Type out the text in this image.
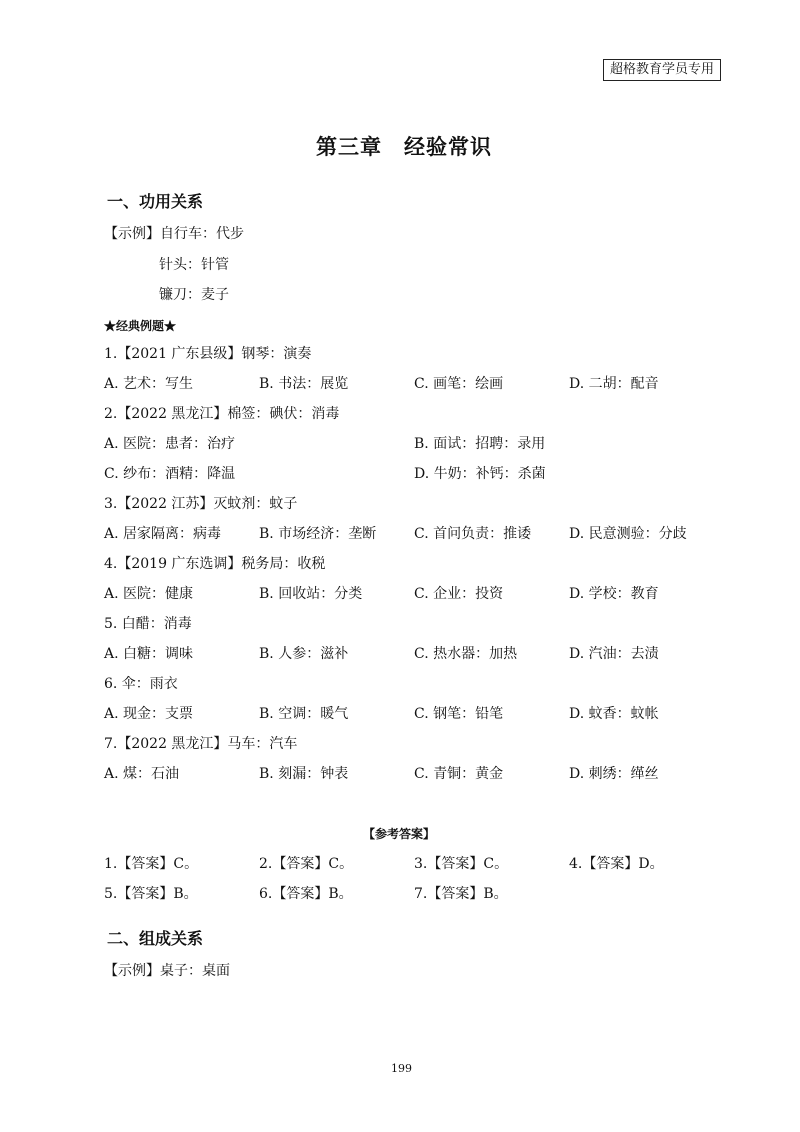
超格教育学员专用
第三章　经验常识
一、功用关系
【示例】自行车：代步
针头：针管
镰刀：麦子
★经典例题★
1.【2021 广东县级】钢琴：演奏
A. 艺术：写生	B. 书法：展览	C. 画笔：绘画	D. 二胡：配音
2.【2022 黑龙江】棉签：碘伏：消毒
A. 医院：患者：治疗	B. 面试：招聘：录用
C. 纱布：酒精：降温	D. 牛奶：补钙：杀菌
3.【2022 江苏】灭蚊剂：蚊子
A. 居家隔离：病毒	B. 市场经济：垄断	C. 首问负责：推诿	D. 民意测验：分歧
4.【2019 广东选调】税务局：收税
A. 医院：健康	B. 回收站：分类	C. 企业：投资	D. 学校：教育
5. 白醋：消毒
A. 白糖：调味	B. 人参：滋补	C. 热水器：加热	D. 汽油：去渍
6. 伞：雨衣
A. 现金：支票	B. 空调：暖气	C. 钢笔：铅笔	D. 蚊香：蚊帐
7.【2022 黑龙江】马车：汽车
A. 煤：石油	B. 刻漏：钟表	C. 青铜：黄金	D. 刺绣：缂丝
【参考答案】
1.【答案】C。	2.【答案】C。	3.【答案】C。	4.【答案】D。
5.【答案】B。	6.【答案】B。	7.【答案】B。
二、组成关系
【示例】桌子：桌面
199
